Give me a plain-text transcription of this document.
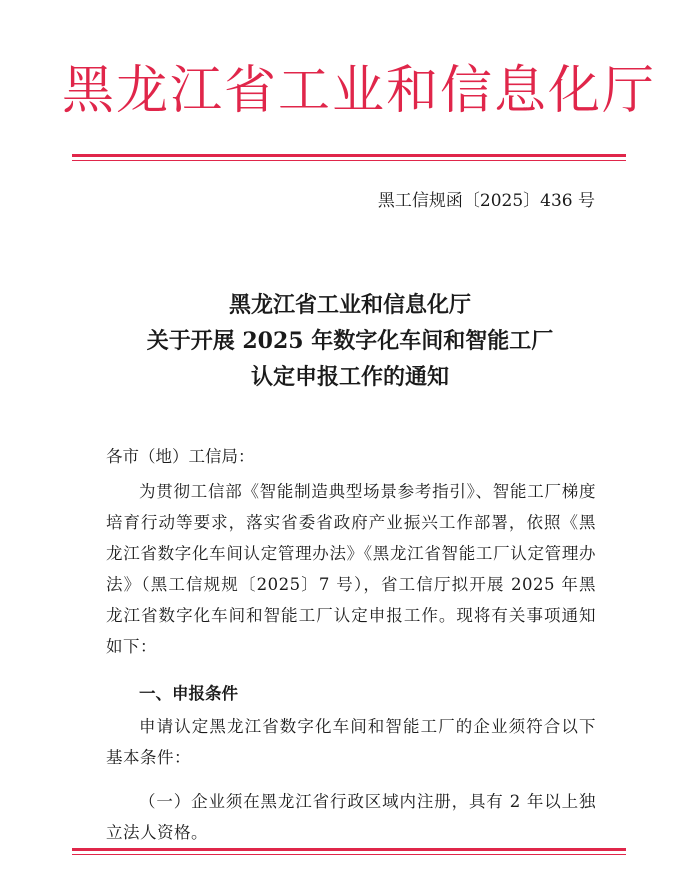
黑龙江省工业和信息化厅
黑工信规函〔2025〕436 号
黑龙江省工业和信息化厅
关于开展 2025 年数字化车间和智能工厂
认定申报工作的通知
各市（地）工信局：
为贯彻工信部《智能制造典型场景参考指引》、智能工厂梯度培育行动等要求，落实省委省政府产业振兴工作部署，依照《黑龙江省数字化车间认定管理办法》《黑龙江省智能工厂认定管理办法》（黑工信规规〔2025〕7 号），省工信厅拟开展 2025 年黑龙江省数字化车间和智能工厂认定申报工作。现将有关事项通知如下：
一、申报条件
申请认定黑龙江省数字化车间和智能工厂的企业须符合以下基本条件：
（一）企业须在黑龙江省行政区域内注册，具有 2 年以上独立法人资格。
